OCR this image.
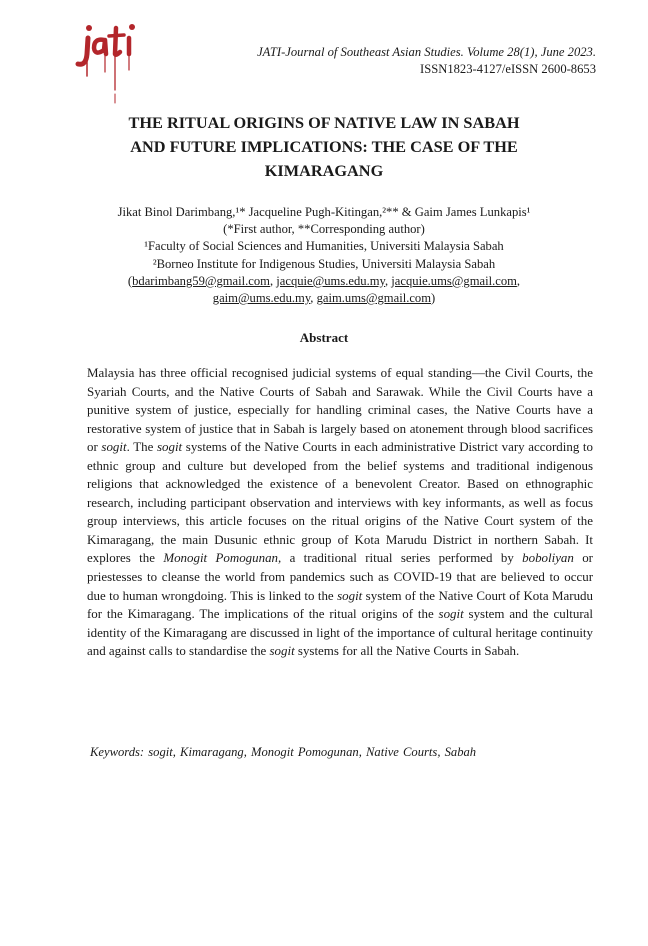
JATI-Journal of Southeast Asian Studies. Volume 28(1), June 2023.
ISSN1823-4127/eISSN 2600-8653
THE RITUAL ORIGINS OF NATIVE LAW IN SABAH
AND FUTURE IMPLICATIONS: THE CASE OF THE
KIMARAGANG
Jikat Binol Darimbang,¹* Jacqueline Pugh-Kitingan,²** & Gaim James Lunkapis¹
(*First author, **Corresponding author)
¹Faculty of Social Sciences and Humanities, Universiti Malaysia Sabah
²Borneo Institute for Indigenous Studies, Universiti Malaysia Sabah
(bdarimbang59@gmail.com, jacquie@ums.edu.my, jacquie.ums@gmail.com,
gaim@ums.edu.my, gaim.ums@gmail.com)
Abstract

Malaysia has three official recognised judicial systems of equal standing—the Civil Courts, the Syariah Courts, and the Native Courts of Sabah and Sarawak. While the Civil Courts have a punitive system of justice, especially for handling criminal cases, the Native Courts have a restorative system of justice that in Sabah is largely based on atonement through blood sacrifices or sogit. The sogit systems of the Native Courts in each administrative District vary according to ethnic group and culture but developed from the belief systems and traditional indigenous religions that acknowledged the existence of a benevolent Creator. Based on ethnographic research, including participant observation and interviews with key informants, as well as focus group interviews, this article focuses on the ritual origins of the Native Court system of the Kimaragang, the main Dusunic ethnic group of Kota Marudu District in northern Sabah. It explores the Monogit Pomogunan, a traditional ritual series performed by boboliyan or priestesses to cleanse the world from pandemics such as COVID-19 that are believed to occur due to human wrongdoing. This is linked to the sogit system of the Native Court of Kota Marudu for the Kimaragang. The implications of the ritual origins of the sogit system and the cultural identity of the Kimaragang are discussed in light of the importance of cultural heritage continuity and against calls to standardise the sogit systems for all the Native Courts in Sabah.

Keywords: sogit, Kimaragang, Monogit Pomogunan, Native Courts, Sabah
